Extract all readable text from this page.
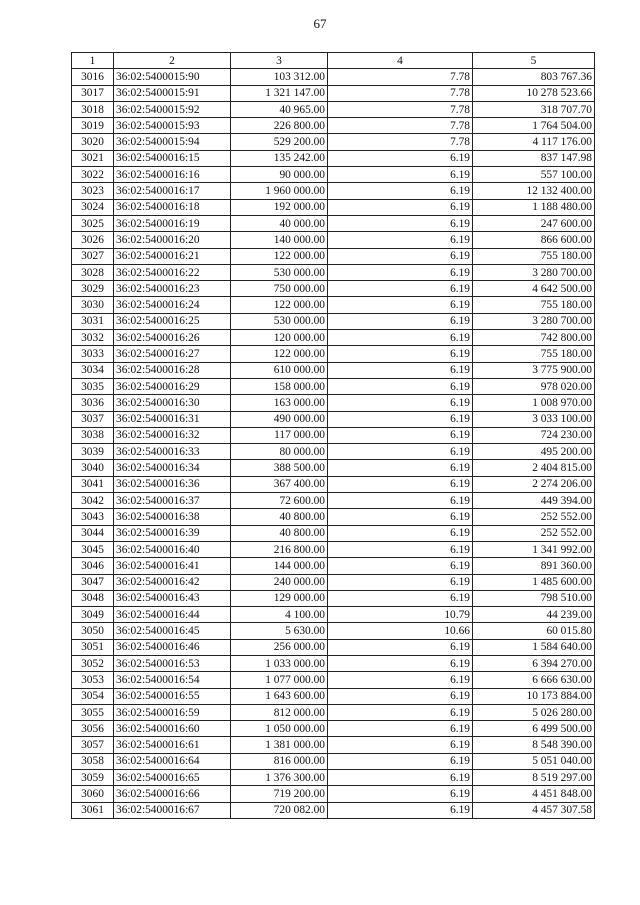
67
1	2	3	4	5
3016	36:02:5400015:90	103 312.00	7.78	803 767.36
3017	36:02:5400015:91	1 321 147.00	7.78	10 278 523.66
3018	36:02:5400015:92	40 965.00	7.78	318 707.70
3019	36:02:5400015:93	226 800.00	7.78	1 764 504.00
3020	36:02:5400015:94	529 200.00	7.78	4 117 176.00
3021	36:02:5400016:15	135 242.00	6.19	837 147.98
3022	36:02:5400016:16	90 000.00	6.19	557 100.00
3023	36:02:5400016:17	1 960 000.00	6.19	12 132 400.00
3024	36:02:5400016:18	192 000.00	6.19	1 188 480.00
3025	36:02:5400016:19	40 000.00	6.19	247 600.00
3026	36:02:5400016:20	140 000.00	6.19	866 600.00
3027	36:02:5400016:21	122 000.00	6.19	755 180.00
3028	36:02:5400016:22	530 000.00	6.19	3 280 700.00
3029	36:02:5400016:23	750 000.00	6.19	4 642 500.00
3030	36:02:5400016:24	122 000.00	6.19	755 180.00
3031	36:02:5400016:25	530 000.00	6.19	3 280 700.00
3032	36:02:5400016:26	120 000.00	6.19	742 800.00
3033	36:02:5400016:27	122 000.00	6.19	755 180.00
3034	36:02:5400016:28	610 000.00	6.19	3 775 900.00
3035	36:02:5400016:29	158 000.00	6.19	978 020.00
3036	36:02:5400016:30	163 000.00	6.19	1 008 970.00
3037	36:02:5400016:31	490 000.00	6.19	3 033 100.00
3038	36:02:5400016:32	117 000.00	6.19	724 230.00
3039	36:02:5400016:33	80 000.00	6.19	495 200.00
3040	36:02:5400016:34	388 500.00	6.19	2 404 815.00
3041	36:02:5400016:36	367 400.00	6.19	2 274 206.00
3042	36:02:5400016:37	72 600.00	6.19	449 394.00
3043	36:02:5400016:38	40 800.00	6.19	252 552.00
3044	36:02:5400016:39	40 800.00	6.19	252 552.00
3045	36:02:5400016:40	216 800.00	6.19	1 341 992.00
3046	36:02:5400016:41	144 000.00	6.19	891 360.00
3047	36:02:5400016:42	240 000.00	6.19	1 485 600.00
3048	36:02:5400016:43	129 000.00	6.19	798 510.00
3049	36:02:5400016:44	4 100.00	10.79	44 239.00
3050	36:02:5400016:45	5 630.00	10.66	60 015.80
3051	36:02:5400016:46	256 000.00	6.19	1 584 640.00
3052	36:02:5400016:53	1 033 000.00	6.19	6 394 270.00
3053	36:02:5400016:54	1 077 000.00	6.19	6 666 630.00
3054	36:02:5400016:55	1 643 600.00	6.19	10 173 884.00
3055	36:02:5400016:59	812 000.00	6.19	5 026 280.00
3056	36:02:5400016:60	1 050 000.00	6.19	6 499 500.00
3057	36:02:5400016:61	1 381 000.00	6.19	8 548 390.00
3058	36:02:5400016:64	816 000.00	6.19	5 051 040.00
3059	36:02:5400016:65	1 376 300.00	6.19	8 519 297.00
3060	36:02:5400016:66	719 200.00	6.19	4 451 848.00
3061	36:02:5400016:67	720 082.00	6.19	4 457 307.58
